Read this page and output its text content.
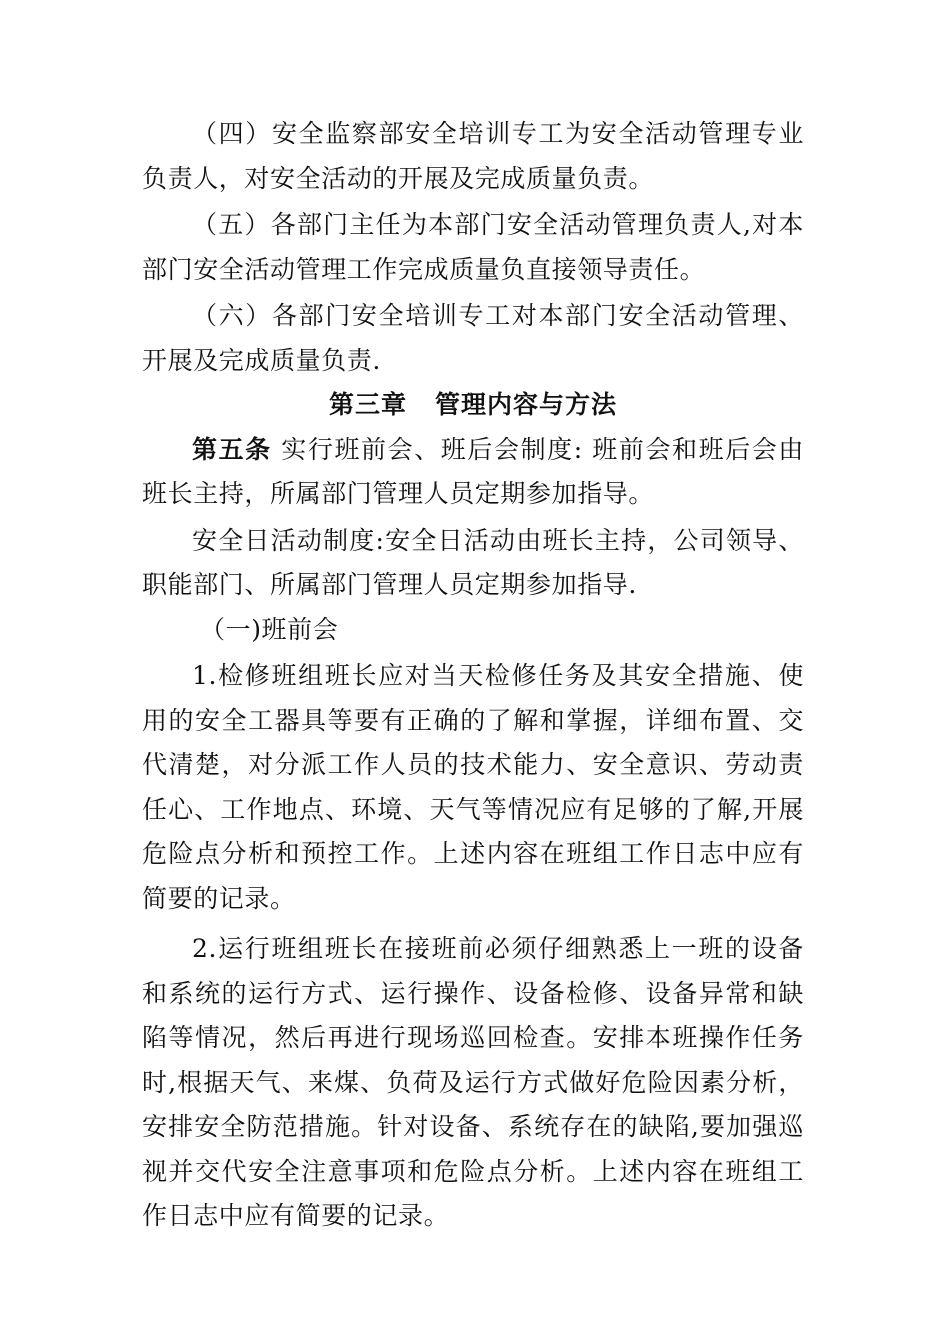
（四）安全监察部安全培训专工为安全活动管理专业负责人，对安全活动的开展及完成质量负责。

（五）各部门主任为本部门安全活动管理负责人,对本部门安全活动管理工作完成质量负直接领导责任。

（六）各部门安全培训专工对本部门安全活动管理、开展及完成质量负责.

第三章 管理内容与方法

第五条 实行班前会、班后会制度: 班前会和班后会由班长主持，所属部门管理人员定期参加指导。

安全日活动制度:安全日活动由班长主持，公司领导、职能部门、所属部门管理人员定期参加指导.

（一)班前会

1.检修班组班长应对当天检修任务及其安全措施、使用的安全工器具等要有正确的了解和掌握，详细布置、交代清楚，对分派工作人员的技术能力、安全意识、劳动责任心、工作地点、环境、天气等情况应有足够的了解,开展危险点分析和预控工作。上述内容在班组工作日志中应有简要的记录。

2.运行班组班长在接班前必须仔细熟悉上一班的设备和系统的运行方式、运行操作、设备检修、设备异常和缺陷等情况，然后再进行现场巡回检查。安排本班操作任务时,根据天气、来煤、负荷及运行方式做好危险因素分析，安排安全防范措施。针对设备、系统存在的缺陷,要加强巡视并交代安全注意事项和危险点分析。上述内容在班组工作日志中应有简要的记录。
